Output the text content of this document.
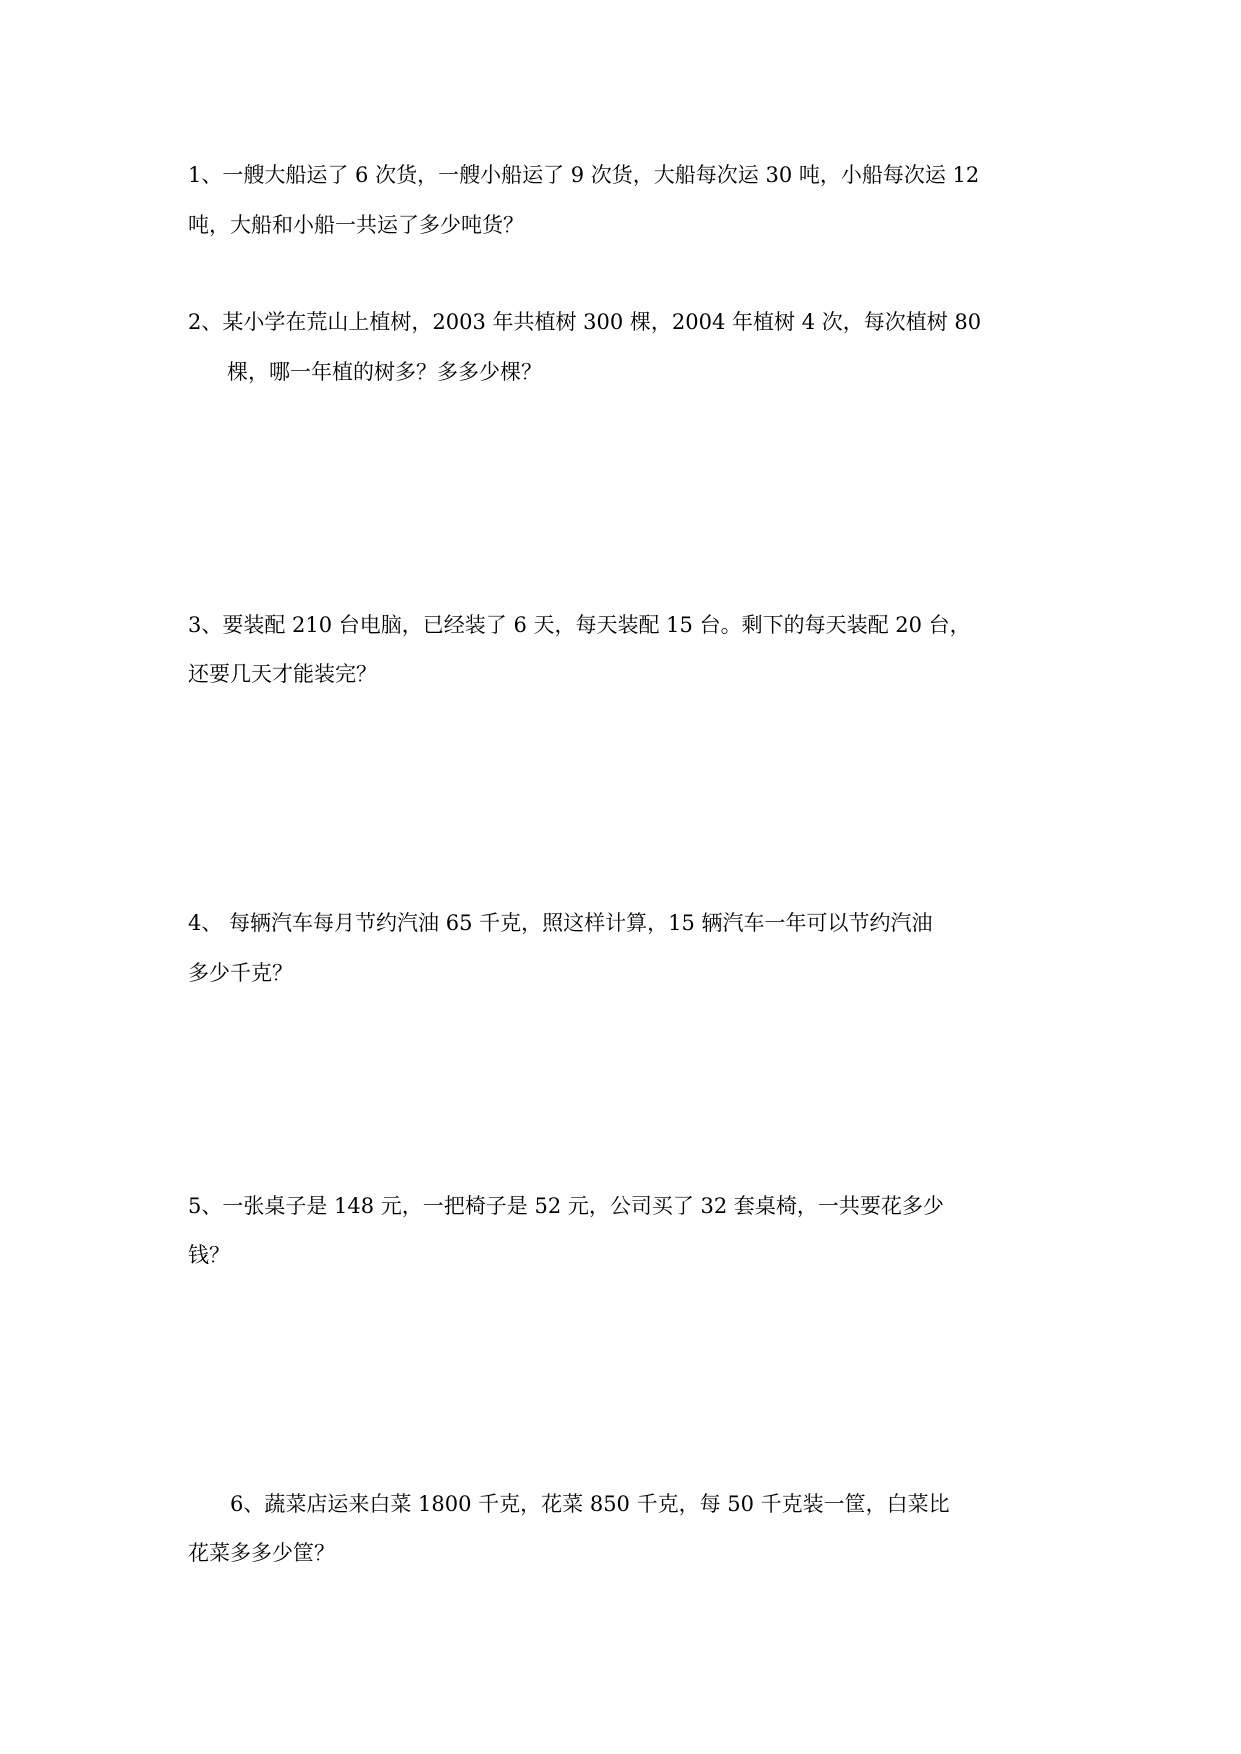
1、一艘大船运了 6 次货，一艘小船运了 9 次货，大船每次运 30 吨，小船每次运 12
吨，大船和小船一共运了多少吨货？
2、某小学在荒山上植树，2003 年共植树 300 棵，2004 年植树 4 次，每次植树 80
棵，哪一年植的树多？多多少棵？
3、要装配 210 台电脑，已经装了 6 天，每天装配 15 台。剩下的每天装配 20 台，
还要几天才能装完？
4、 每辆汽车每月节约汽油 65 千克，照这样计算，15 辆汽车一年可以节约汽油
多少千克？
5、一张桌子是 148 元，一把椅子是 52 元，公司买了 32 套桌椅，一共要花多少
钱？
6、蔬菜店运来白菜 1800 千克，花菜 850 千克，每 50 千克装一筐，白菜比
花菜多多少筐？
